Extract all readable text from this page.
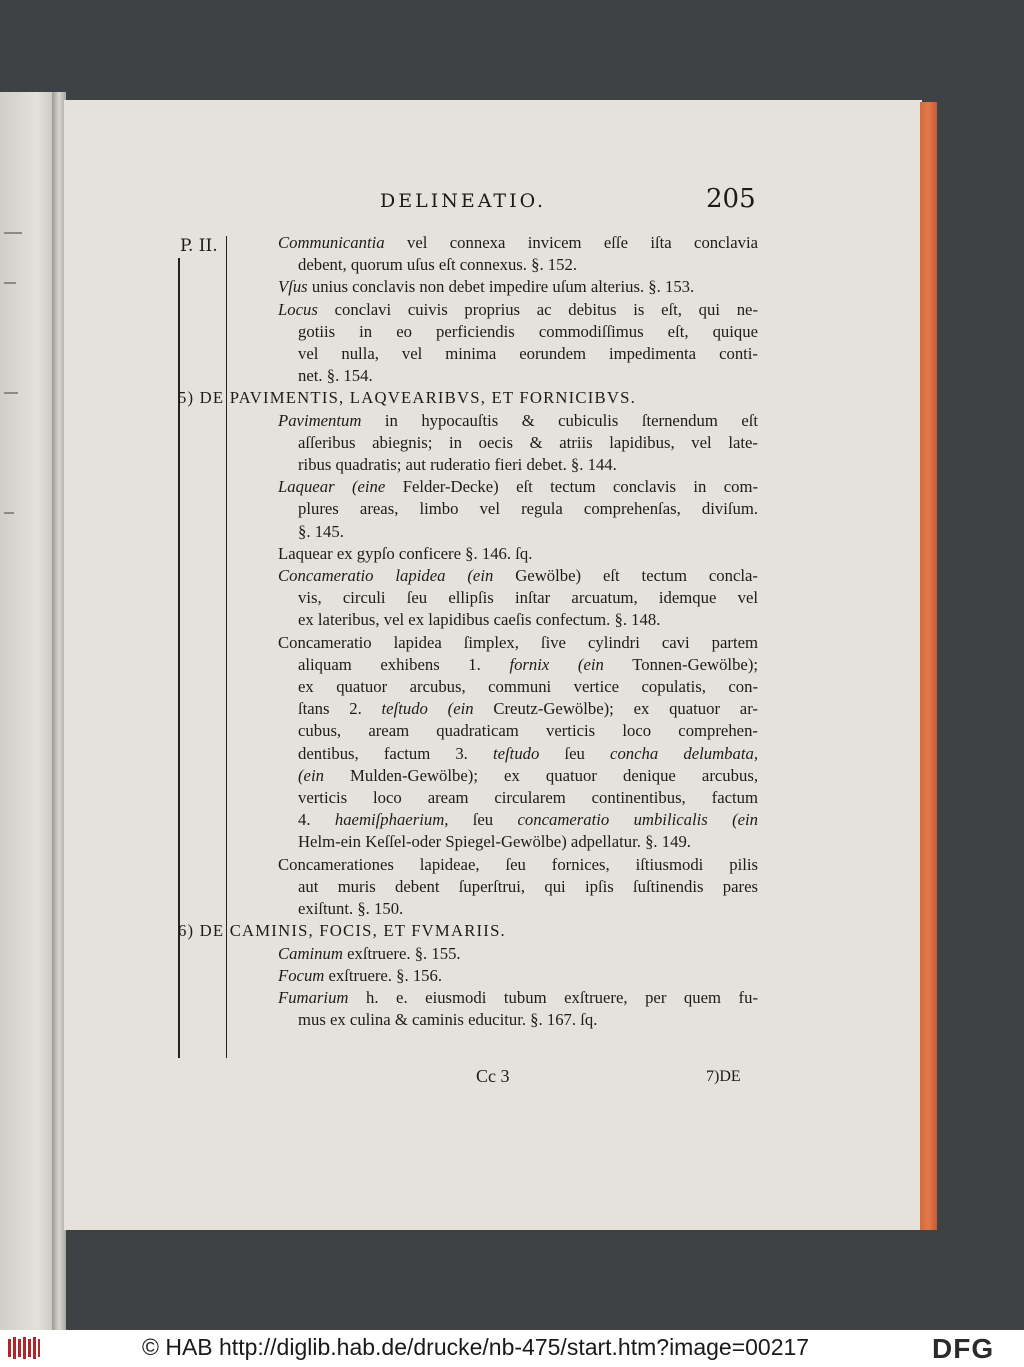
DELINEATIO.	205
P. II.	Communicantia vel connexa invicem eſſe iſta conclavia
debent, quorum uſus eſt connexus. §. 152.
Vſus unius conclavis non debet impedire uſum alterius. §. 153.
Locus conclavi cuivis proprius ac debitus is eſt, qui ne-
gotiis in eo perficiendis commodiſſimus eſt, quique
vel nulla, vel minima eorundem impedimenta conti-
net. §. 154.
5) DE PAVIMENTIS, LAQVEARIBVS, ET FORNICIBVS.
Pavimentum in hypocauſtis & cubiculis ſternendum eſt
aſſeribus abiegnis; in oecis & atriis lapidibus, vel late-
ribus quadratis; aut ruderatio fieri debet. §. 144.
Laquear (eine Felder-Decke) eſt tectum conclavis in com-
plures areas, limbo vel regula comprehenſas, diviſum.
§. 145.
Laquear ex gypſo conficere §. 146. ſq.
Concameratio lapidea (ein Gewölbe) eſt tectum concla-
vis, circuli ſeu ellipſis inſtar arcuatum, idemque vel
ex lateribus, vel ex lapidibus caeſis confectum. §. 148.
Concameratio lapidea ſimplex, ſive cylindri cavi partem
aliquam exhibens 1. fornix (ein Tonnen-Gewölbe);
ex quatuor arcubus, communi vertice copulatis, con-
ſtans 2. teſtudo (ein Creutz-Gewölbe); ex quatuor ar-
cubus, aream quadraticam verticis loco comprehen-
dentibus, factum 3. teſtudo ſeu concha delumbata,
(ein Mulden-Gewölbe); ex quatuor denique arcubus,
verticis loco aream circularem continentibus, factum
4. haemiſphaerium, ſeu concameratio umbilicalis (ein
Helm-ein Keſſel-oder Spiegel-Gewölbe) adpellatur. §. 149.
Concamerationes lapideae, ſeu fornices, iſtiusmodi pilis
aut muris debent ſuperſtrui, qui ipſis ſuſtinendis pares
exiſtunt. §. 150.
6) DE CAMINIS, FOCIS, ET FVMARIIS.
Caminum exſtruere. §. 155.
Focum exſtruere. §. 156.
Fumarium h. e. eiusmodi tubum exſtruere, per quem fu-
mus ex culina & caminis educitur. §. 167. ſq.
Cc 3	7)DE
© HAB http://diglib.hab.de/drucke/nb-475/start.htm?image=00217	DFG
